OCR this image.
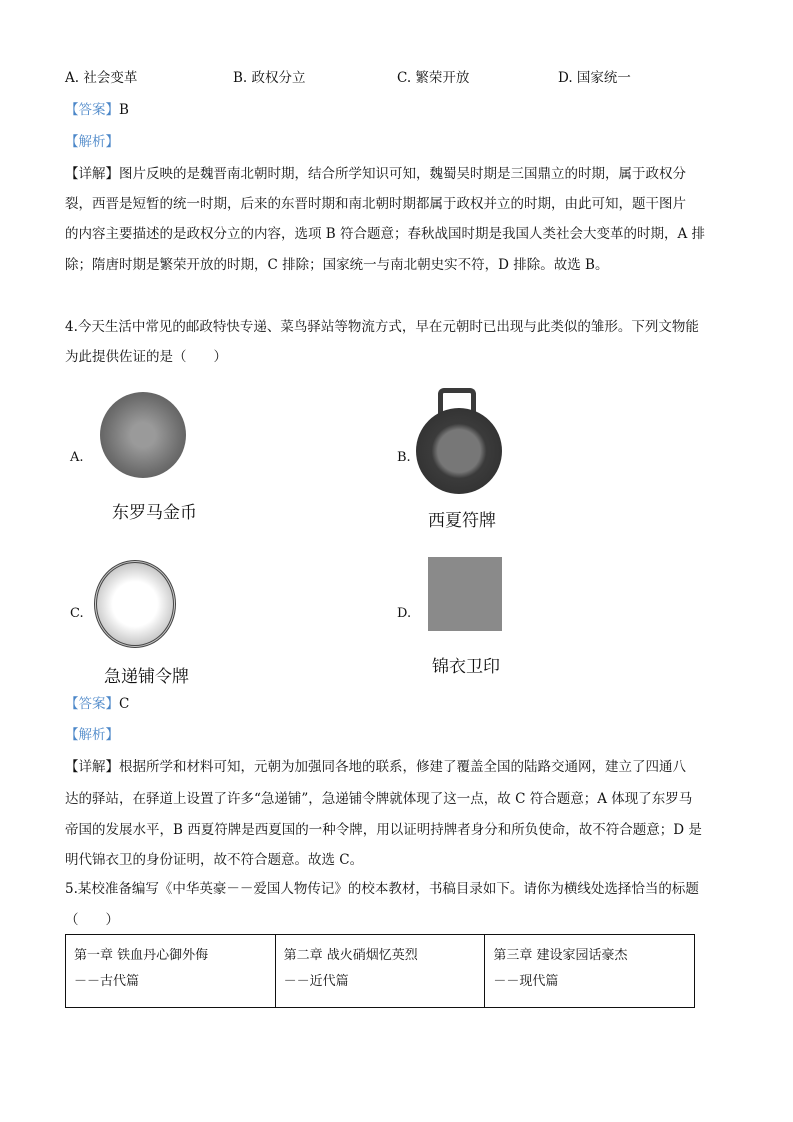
A. 社会变革	B. 政权分立	C. 繁荣开放	D. 国家统一
【答案】B
【解析】
【详解】图片反映的是魏晋南北朝时期，结合所学知识可知，魏蜀吴时期是三国鼎立的时期，属于政权分
裂，西晋是短暂的统一时期，后来的东晋时期和南北朝时期都属于政权并立的时期，由此可知，题干图片
的内容主要描述的是政权分立的内容，选项 B 符合题意；春秋战国时期是我国人类社会大变革的时期，A 排
除；隋唐时期是繁荣开放的时期，C 排除；国家统一与南北朝史实不符，D 排除。故选 B。
4.今天生活中常见的邮政特快专递、菜鸟驿站等物流方式，早在元朝时已出现与此类似的雏形。下列文物能
为此提供佐证的是（　　）
A.
东罗马金币
B.
西夏符牌
C.
急递铺令牌
D.
锦衣卫印
【答案】C
【解析】
【详解】根据所学和材料可知，元朝为加强同各地的联系，修建了覆盖全国的陆路交通网，建立了四通八
达的驿站，在驿道上设置了许多“急递铺”，急递铺令牌就体现了这一点，故 C 符合题意；A 体现了东罗马
帝国的发展水平，B 西夏符牌是西夏国的一种令牌，用以证明持牌者身分和所负使命，故不符合题意；D 是
明代锦衣卫的身份证明，故不符合题意。故选 C。
5.某校准备编写《中华英豪－－爱国人物传记》的校本教材，书稿目录如下。请你为横线处选择恰当的标题
（　　）
第一章 铁血丹心御外侮
－－古代篇

第二章 战火硝烟忆英烈
－－近代篇

第三章 建设家园话豪杰
－－现代篇
